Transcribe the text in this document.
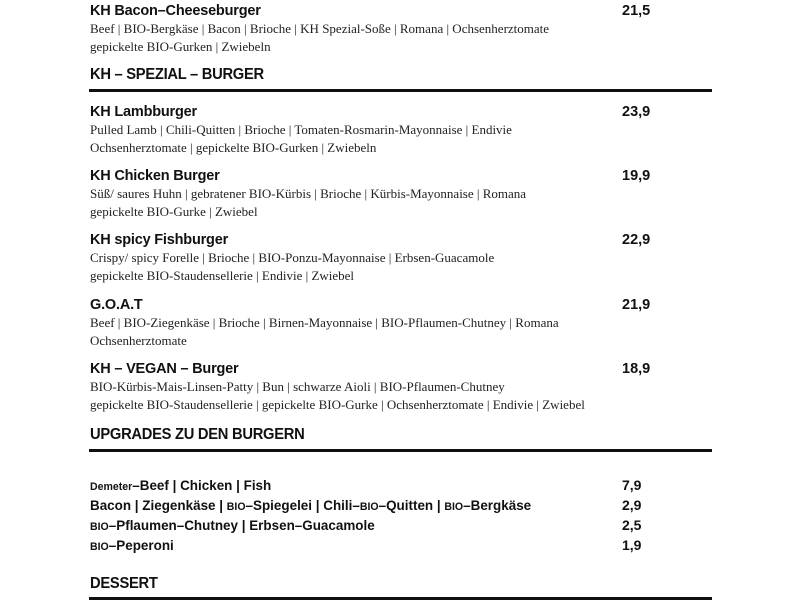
KH Bacon–Cheeseburger
Beef | BIO-Bergkäse | Bacon | Brioche | KH Spezial-Soße | Romana | Ochsenherztomate
gepickelte BIO-Gurken | Zwiebeln
21,5
KH – SPEZIAL – BURGER
KH Lambburger
Pulled Lamb | Chili-Quitten | Brioche | Tomaten-Rosmarin-Mayonnaise | Endivie
Ochsenherztomate | gepickelte BIO-Gurken | Zwiebeln
23,9
KH Chicken Burger
Süß/ saures Huhn | gebratener BIO-Kürbis | Brioche | Kürbis-Mayonnaise | Romana
gepickelte BIO-Gurke | Zwiebel
19,9
KH spicy Fishburger
Crispy/ spicy Forelle | Brioche | BIO-Ponzu-Mayonnaise | Erbsen-Guacamole
gepickelte BIO-Staudensellerie | Endivie | Zwiebel
22,9
G.O.A.T
Beef | BIO-Ziegenkäse | Brioche | Birnen-Mayonnaise | BIO-Pflaumen-Chutney | Romana
Ochsenherztomate
21,9
KH – VEGAN – Burger
BIO-Kürbis-Mais-Linsen-Patty | Bun | schwarze Aioli | BIO-Pflaumen-Chutney
gepickelte BIO-Staudensellerie | gepickelte BIO-Gurke | Ochsenherztomate | Endivie | Zwiebel
18,9
UPGRADES ZU DEN BURGERN
Demeter–Beef | Chicken | Fish	7,9
Bacon | Ziegenkäse | BIO–Spiegelei | Chili–BIO–Quitten | BIO–Bergkäse	2,9
BIO–Pflaumen–Chutney | Erbsen–Guacamole	2,5
BIO–Peperoni	1,9
DESSERT
